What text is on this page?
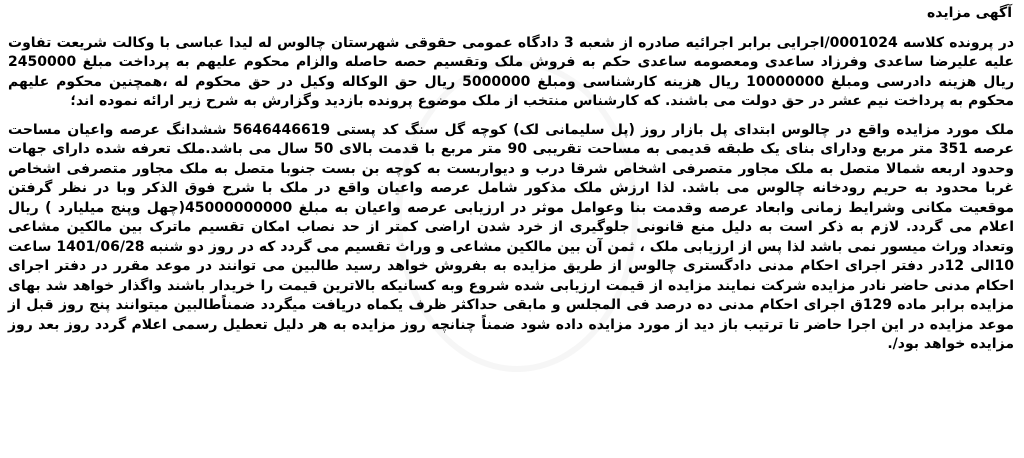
آگهی مزایده

در پرونده کلاسه 0001024/اجرایی برابر اجرائیه صادره از شعبه 3 دادگاه عمومی حقوقی شهرستان چالوس له لیدا عباسی با وکالت شریعت تفاوت علیه علیرضا ساعدی وفرزاد ساعدی ومعصومه ساعدی حکم به فروش ملک وتقسیم حصه حاصله والزام محکوم علیهم به پرداخت مبلغ 2450000 ریال هزینه دادرسی ومبلغ 10000000 ریال هزینه کارشناسی ومبلغ 5000000 ریال حق الوکاله وکیل در حق محکوم له ،همچنین محکوم علیهم محکوم به پرداخت نیم عشر در حق دولت می باشند. که کارشناس منتخب از ملک موضوع پرونده بازدید وگزارش به شرح زیر ارائه نموده اند؛

ملک مورد مزایده واقع در چالوس ابتدای پل بازار روز (پل سلیمانی لک) کوچه گل سنگ کد پستی 5646446619 ششدانگ عرصه واعیان مساحت عرصه 351 متر مربع ودارای بنای یک طبقه قدیمی به مساحت تقریبی 90 متر مربع با قدمت بالای 50 سال می باشد.ملک تعرفه شده دارای جهات وحدود اربعه شمالا متصل به ملک مجاور متصرفی اشخاص شرقا درب و دیواربست به کوچه بن بست جنوبا متصل به ملک مجاور متصرفی اشخاص غربا محدود به حریم رودخانه چالوس می باشد. لذا ارزش ملک مذکور شامل عرصه واعیان واقع در ملک با شرح فوق الذکر وبا در نظر گرفتن موقعیت مکانی وشرایط زمانی وابعاد عرصه وقدمت بنا وعوامل موثر در ارزیابی عرصه واعیان به مبلغ 45000000000(چهل وپنج میلیارد ) ریال اعلام می گردد. لازم به ذکر است به دلیل منع قانونی جلوگیری از خرد شدن اراضی کمتر از حد نصاب امکان تقسیم ماترک بین مالکین مشاعی وتعداد وراث میسور نمی باشد لذا پس از ارزیابی ملک ، ثمن آن بین مالکین مشاعی و وراث تقسیم می گردد که در روز دو شنبه 1401/06/28 ساعت 10الی 12در دفتر اجرای احکام مدنی دادگستری چالوس از طریق مزایده به بفروش خواهد رسید طالبین می توانند در موعد مقرر در دفتر اجرای احکام مدنی حاضر نادر مزایده شرکت نمایند مزایده از قیمت ارزیابی شده شروع وبه کسانیکه بالاترین قیمت را خریدار باشند واگذار خواهد شد بهای مزایده برابر ماده 129ق اجرای احکام مدنی ده درصد فی المجلس و مابقی حداکثر ظرف یکماه دریافت میگردد ضمناًطالبین میتوانند پنج روز قبل از موعد مزایده در این اجرا حاضر تا ترتیب باز دید از مورد مزایده داده شود ضمناً چنانچه روز مزایده به هر دلیل تعطیل رسمی اعلام گردد روز بعد روز مزایده خواهد بود/.
